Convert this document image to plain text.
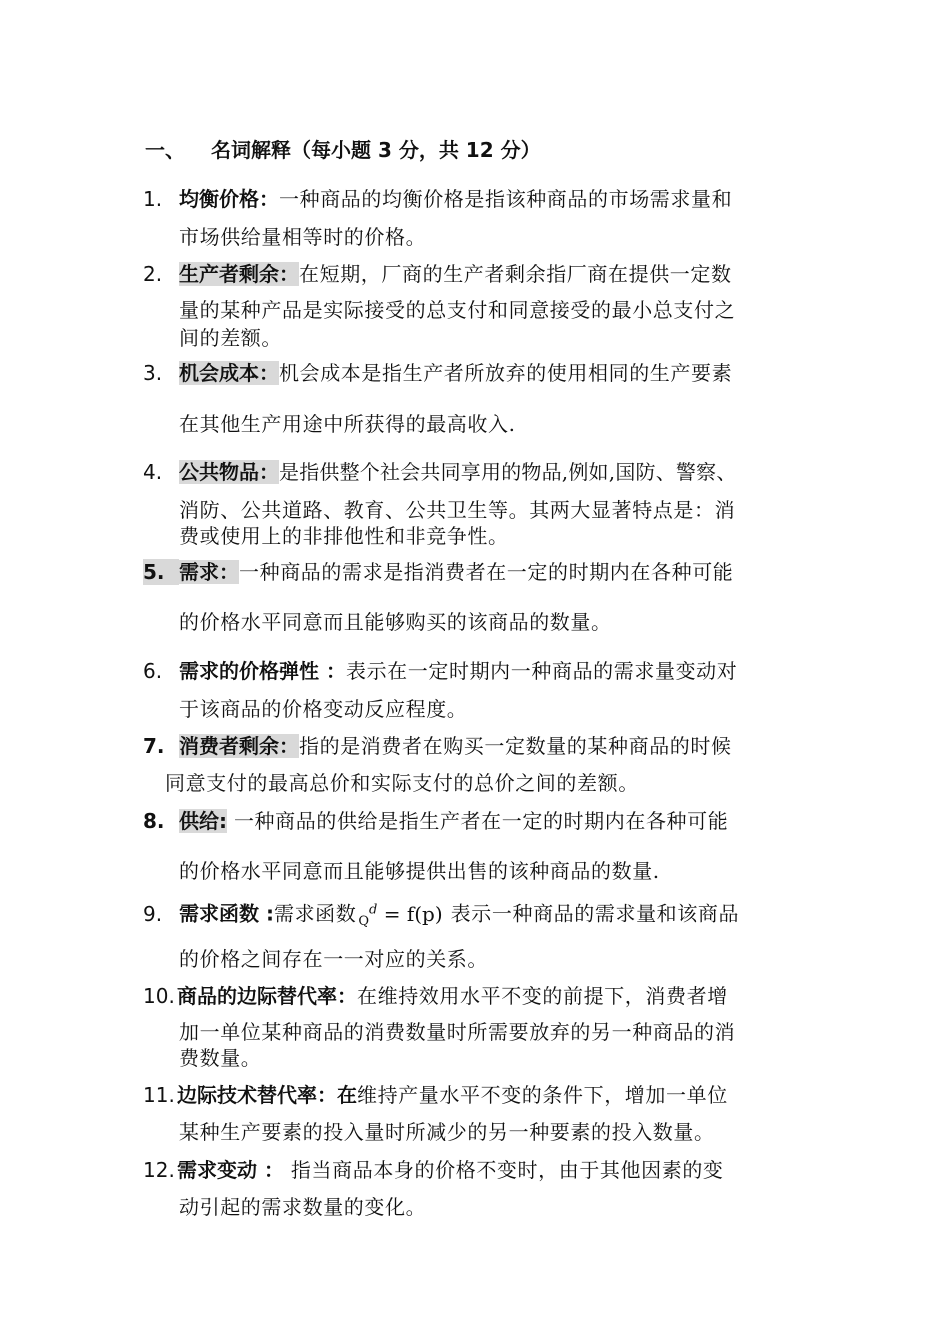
一、 名词解释（每小题 3 分，共 12 分）
1. 均衡价格：一种商品的均衡价格是指该种商品的市场需求量和
市场供给量相等时的价格。
2. 生产者剩余：在短期，厂商的生产者剩余指厂商在提供一定数
量的某种产品是实际接受的总支付和同意接受的最小总支付之
间的差额。
3. 机会成本：机会成本是指生产者所放弃的使用相同的生产要素
在其他生产用途中所获得的最高收入.
4. 公共物品：是指供整个社会共同享用的物品,例如,国防、警察、
消防、公共道路、教育、公共卫生等。其两大显著特点是：消
费或使用上的非排他性和非竞争性。
5. 需求：一种商品的需求是指消费者在一定的时期内在各种可能
的价格水平同意而且能够购买的该商品的数量。
6. 需求的价格弹性 ：表示在一定时期内一种商品的需求量变动对
于该商品的价格变动反应程度。
7. 消费者剩余：指的是消费者在购买一定数量的某种商品的时候
同意支付的最高总价和实际支付的总价之间的差额。
8. 供给: 一种商品的供给是指生产者在一定的时期内在各种可能
的价格水平同意而且能够提供出售的该种商品的数量.
9. 需求函数 :需求函数 $_Q^d$ = f(p) 表示一种商品的需求量和该商品
的价格之间存在一一对应的关系。
10. 商品的边际替代率：在维持效用水平不变的前提下，消费者增
加一单位某种商品的消费数量时所需要放弃的另一种商品的消
费数量。
11. 边际技术替代率：在维持产量水平不变的条件下，增加一单位
某种生产要素的投入量时所减少的另一种要素的投入数量。
12. 需求变动 ： 指当商品本身的价格不变时，由于其他因素的变
动引起的需求数量的变化。
